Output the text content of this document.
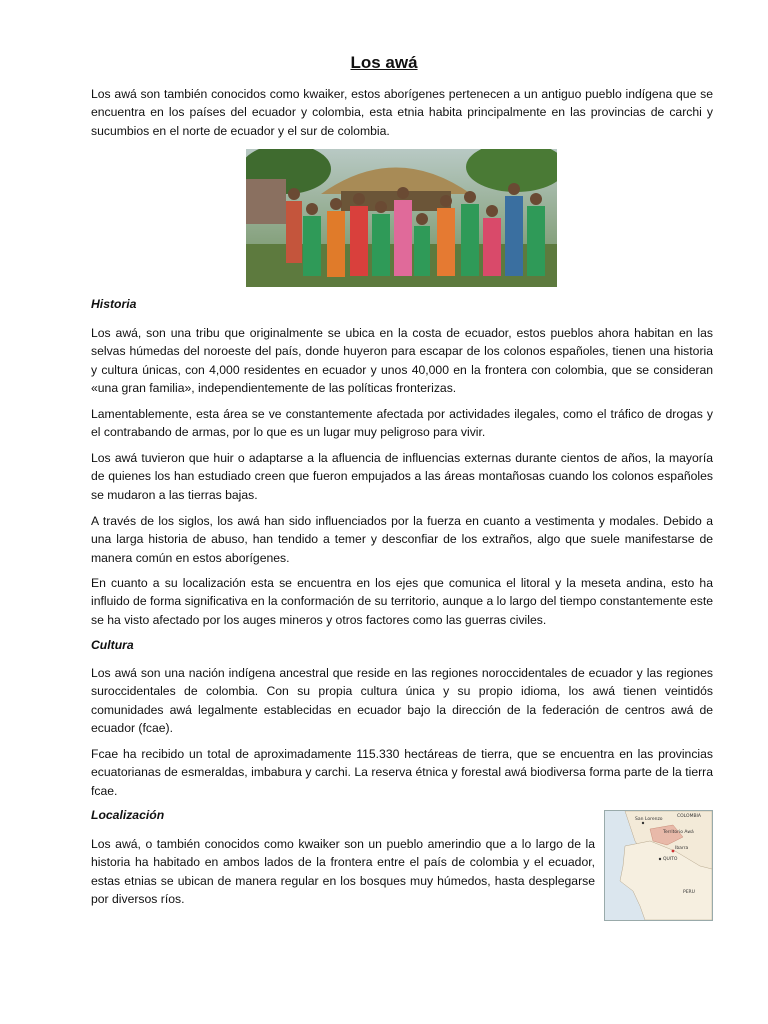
Los awá

Los awá son también conocidos como kwaiker, estos aborígenes pertenecen a un antiguo pueblo indígena que se encuentra en los países del ecuador y colombia, esta etnia habita principalmente en las provincias de carchi y sucumbios en el norte de ecuador y el sur de colombia.

Historia

Los awá, son una tribu que originalmente se ubica en la costa de ecuador, estos pueblos ahora habitan en las selvas húmedas del noroeste del país, donde huyeron para escapar de los colonos españoles, tienen una historia y cultura únicas, con 4,000 residentes en ecuador y unos 40,000 en la frontera con colombia, que se consideran «una gran familia», independientemente de las políticas fronterizas.

Lamentablemente, esta área se ve constantemente afectada por actividades ilegales, como el tráfico de drogas y el contrabando de armas, por lo que es un lugar muy peligroso para vivir.

Los awá tuvieron que huir o adaptarse a la afluencia de influencias externas durante cientos de años, la mayoría de quienes los han estudiado creen que fueron empujados a las áreas montañosas cuando los colonos españoles se mudaron a las tierras bajas.

A través de los siglos, los awá han sido influenciados por la fuerza en cuanto a vestimenta y modales. Debido a una larga historia de abuso, han tendido a temer y desconfiar de los extraños, algo que suele manifestarse de manera común en estos aborígenes.

En cuanto a su localización esta se encuentra en los ejes que comunica el litoral y la meseta andina, esto ha influido de forma significativa en la conformación de su territorio, aunque a lo largo del tiempo constantemente este se ha visto afectado por los auges mineros y otros factores como las guerras civiles.

Cultura

Los awá son una nación indígena ancestral que reside en las regiones noroccidentales de ecuador y las regiones suroccidentales de colombia. Con su propia cultura única y su propio idioma, los awá tienen veintidós comunidades awá legalmente establecidas en ecuador bajo la dirección de la federación de centros awá de ecuador (fcae).

Fcae ha recibido un total de aproximadamente 115.330 hectáreas de tierra, que se encuentra en las provincias ecuatorianas de esmeraldas, imbabura y carchi. La reserva étnica y forestal awá biodiversa forma parte de la tierra fcae.

Localización

Los awá, o también conocidos como kwaiker son un pueblo amerindio que a lo largo de la historia ha habitado en ambos lados de la frontera entre el país de colombia y el ecuador, estas etnias se ubican de manera regular en los bosques muy húmedos, hasta desplegarse por diversos ríos.

COLOMBIA
PERU
San Lorenzo
Territorio Awá
Ibarra
QUITO
